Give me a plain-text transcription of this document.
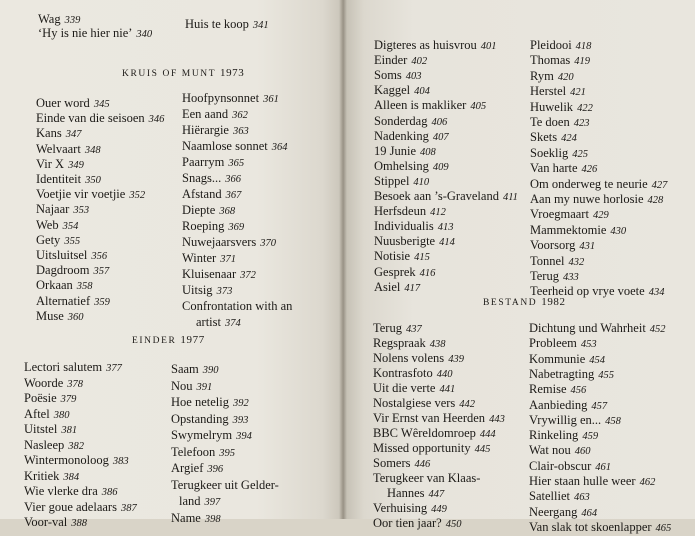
Wag 339
‘Hy is nie hier nie’ 340
Huis te koop 341
KRUIS OF MUNT 1973
Ouer word 345
Einde van die seisoen 346
Kans 347
Welvaart 348
Vir X 349
Identiteit 350
Voetjie vir voetjie 352
Najaar 353
Web 354
Gety 355
Uitsluitsel 356
Dagdroom 357
Orkaan 358
Alternatief 359
Muse 360
Hoofpynsonnet 361
Een aand 362
Hiërargie 363
Naamlose sonnet 364
Paarrym 365
Snags... 366
Afstand 367
Diepte 368
Roeping 369
Nuwejaarsvers 370
Winter 371
Kluisenaar 372
Uitsig 373
Confrontation with an
artist 374
EINDER 1977
Lectori salutem 377
Woorde 378
Poësie 379
Aftel 380
Uitstel 381
Nasleep 382
Wintermonoloog 383
Kritiek 384
Wie vlerke dra 386
Vier goue adelaars 387
Voor-val 388
Saam 390
Nou 391
Hoe netelig 392
Opstanding 393
Swymelrym 394
Telefoon 395
Argief 396
Terugkeer uit Gelder-
land 397
Name 398
Digteres as huisvrou 401
Einder 402
Soms 403
Kaggel 404
Alleen is makliker 405
Sonderdag 406
Nadenking 407
19 Junie 408
Omhelsing 409
Stippel 410
Besoek aan ’s-Graveland 411
Herfsdeun 412
Individualis 413
Nuusberigte 414
Notisie 415
Gesprek 416
Asiel 417
Pleidooi 418
Thomas 419
Rym 420
Herstel 421
Huwelik 422
Te doen 423
Skets 424
Soeklig 425
Van harte 426
Om onderweg te neurie 427
Aan my nuwe horlosie 428
Vroegmaart 429
Mammektomie 430
Voorsorg 431
Tonnel 432
Terug 433
Teerheid op vrye voete 434
BESTAND 1982
Terug 437
Regspraak 438
Nolens volens 439
Kontrasfoto 440
Uit die verte 441
Nostalgiese vers 442
Vir Ernst van Heerden 443
BBC Wêreldomroep 444
Missed opportunity 445
Somers 446
Terugkeer van Klaas-
Hannes 447
Verhuising 449
Oor tien jaar? 450
Dichtung und Wahrheit 452
Probleem 453
Kommunie 454
Nabetragting 455
Remise 456
Aanbieding 457
Vrywillig en... 458
Rinkeling 459
Wat nou 460
Clair-obscur 461
Hier staan hulle weer 462
Satelliet 463
Neergang 464
Van slak tot skoenlapper 465
